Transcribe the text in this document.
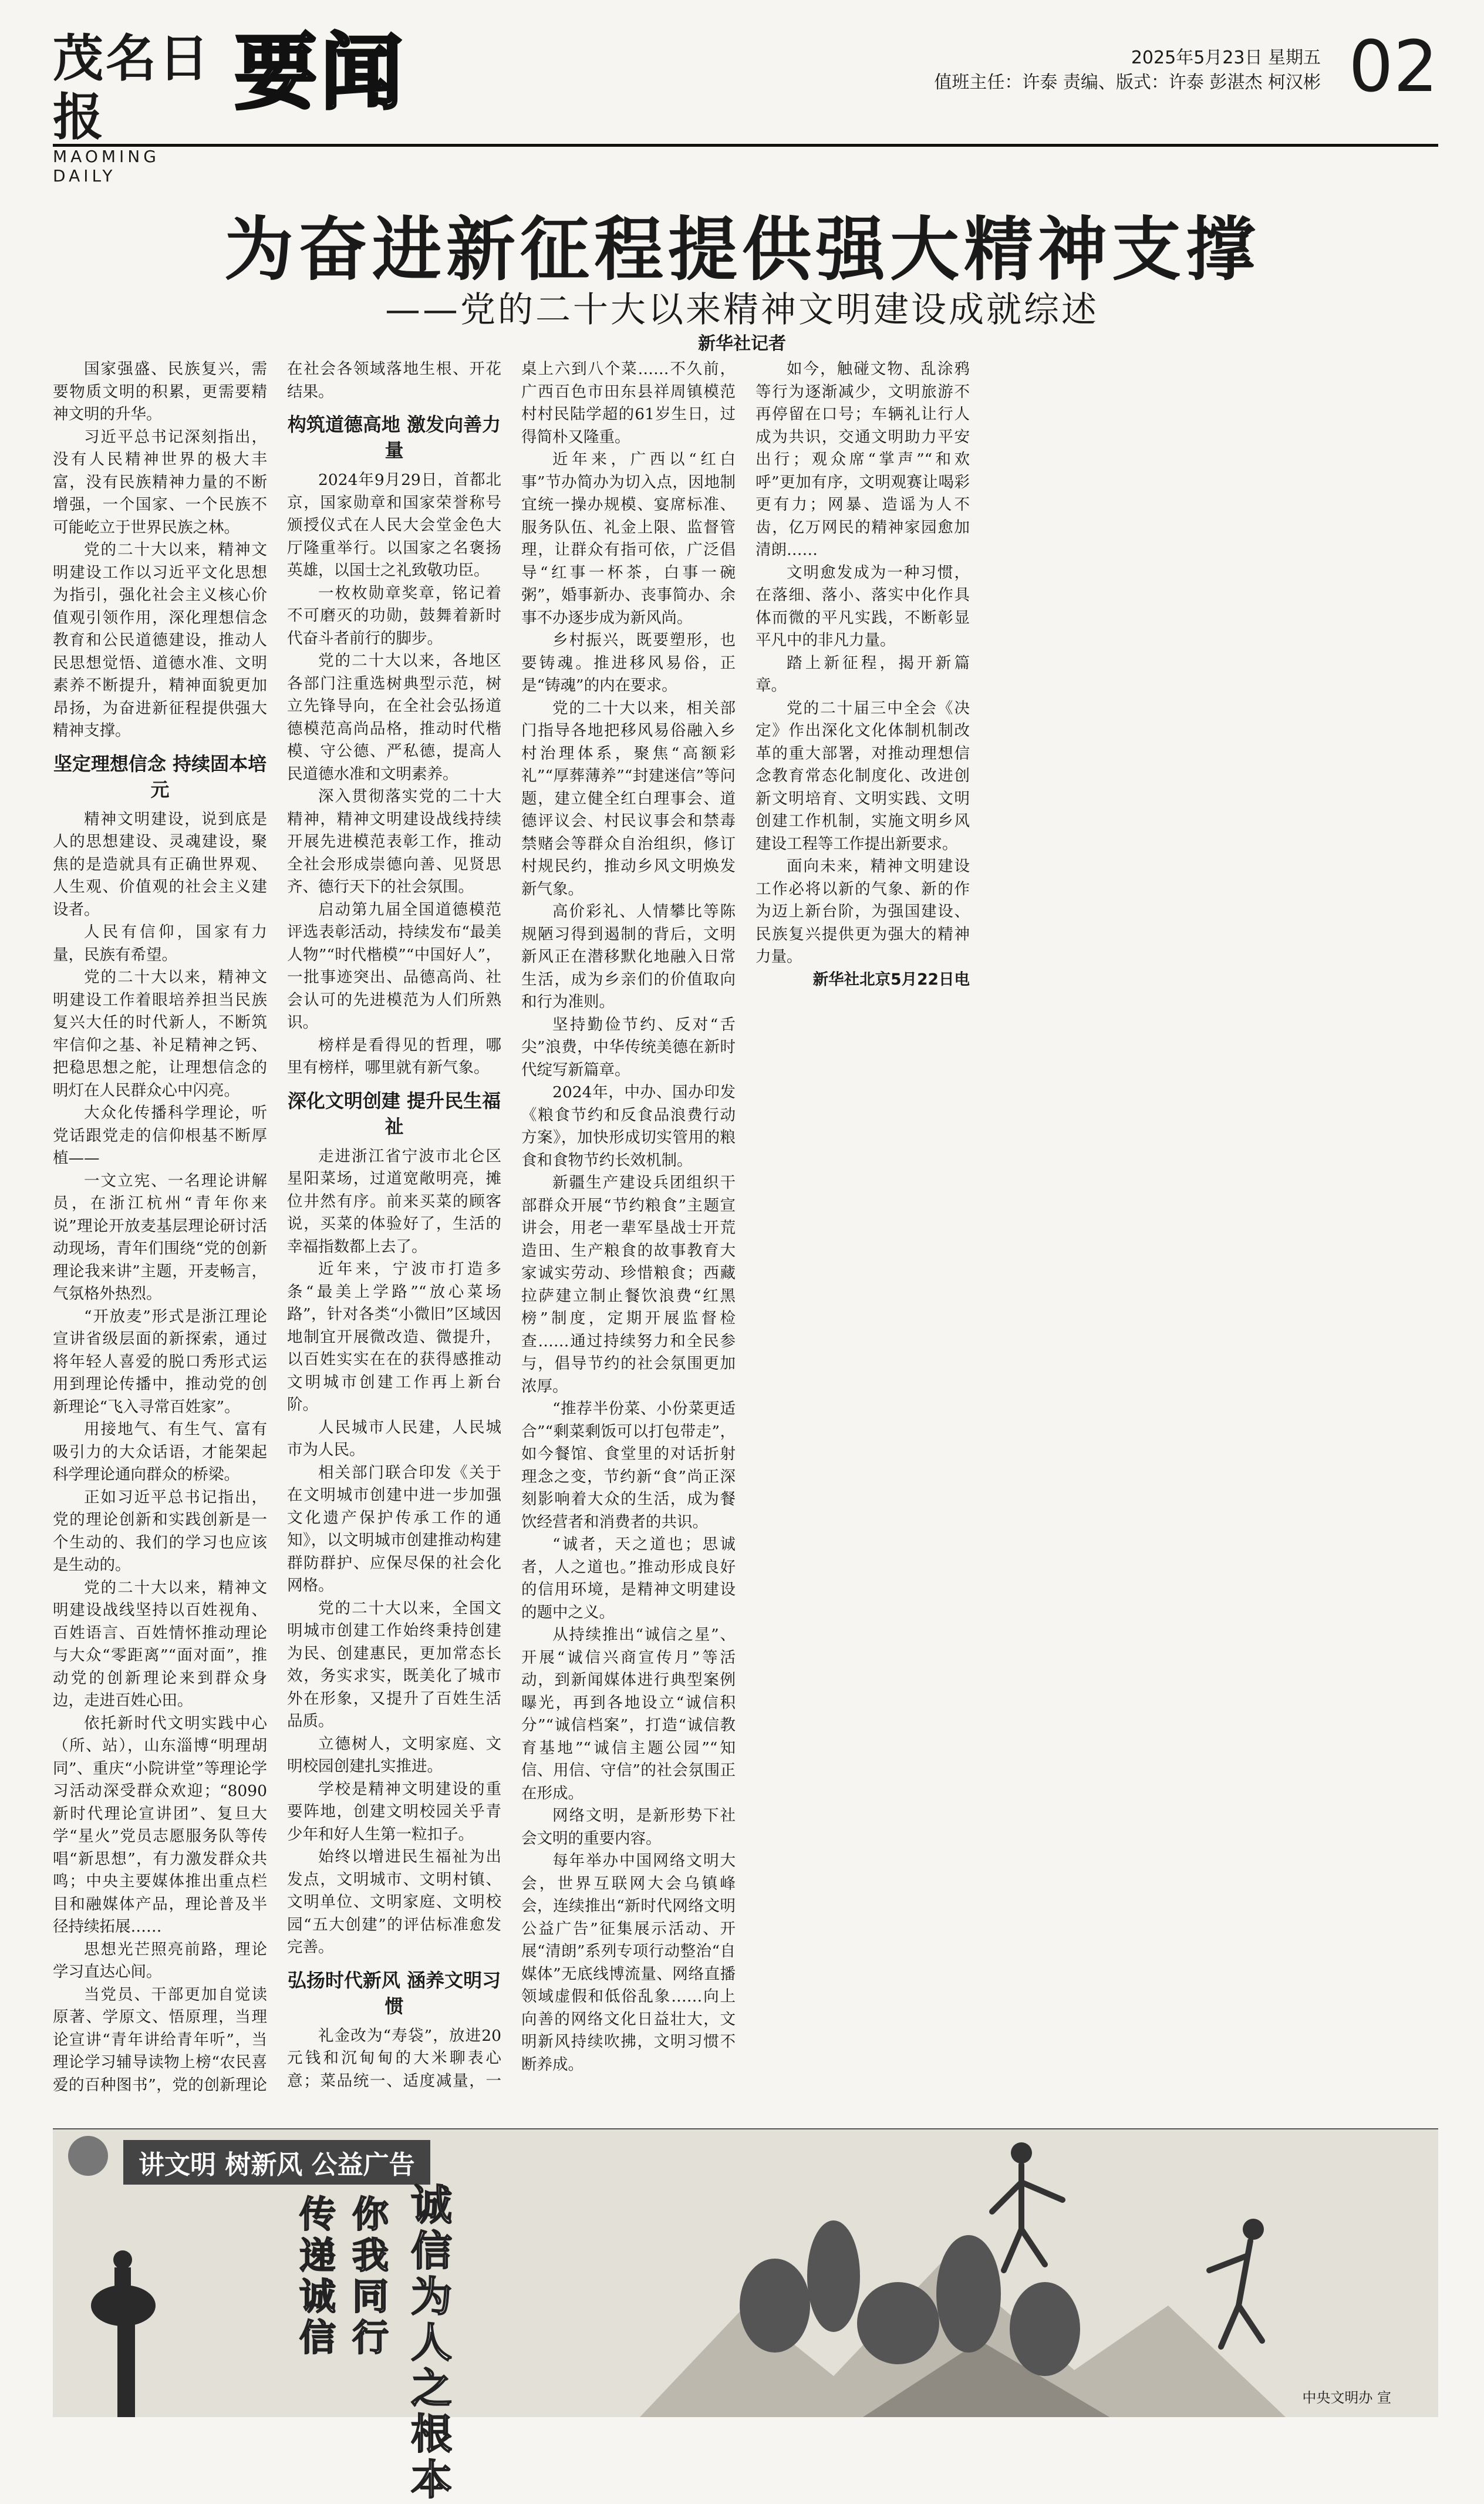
茂名日报
MAOMING DAILY
要闻	2025年5月23日 星期五
值班主任：许泰 责编、版式：许泰 彭湛杰 柯汉彬 02
为奋进新征程提供强大精神支撑
——党的二十大以来精神文明建设成就综述
新华社记者

国家强盛、民族复兴，需要物质文明的积累，更需要精神文明的升华。

习近平总书记深刻指出，没有人民精神世界的极大丰富，没有民族精神力量的不断增强，一个国家、一个民族不可能屹立于世界民族之林。

党的二十大以来，精神文明建设工作以习近平文化思想为指引，强化社会主义核心价值观引领作用，深化理想信念教育和公民道德建设，推动人民思想觉悟、道德水准、文明素养不断提升，精神面貌更加昂扬，为奋进新征程提供强大精神支撑。

坚定理想信念 持续固本培元

精神文明建设，说到底是人的思想建设、灵魂建设，聚焦的是造就具有正确世界观、人生观、价值观的社会主义建设者。

人民有信仰，国家有力量，民族有希望。

党的二十大以来，精神文明建设工作着眼培养担当民族复兴大任的时代新人，不断筑牢信仰之基、补足精神之钙、把稳思想之舵，让理想信念的明灯在人民群众心中闪亮。

大众化传播科学理论，听党话跟党走的信仰根基不断厚植——

一文立宪、一名理论讲解员，在浙江杭州“青年你来说”理论开放麦基层理论研讨活动现场，青年们围绕“党的创新理论我来讲”主题，开麦畅言，气氛格外热烈。

“开放麦”形式是浙江理论宣讲省级层面的新探索，通过将年轻人喜爱的脱口秀形式运用到理论传播中，推动党的创新理论“飞入寻常百姓家”。

用接地气、有生气、富有吸引力的大众话语，才能架起科学理论通向群众的桥梁。

正如习近平总书记指出，党的理论创新和实践创新是一个生动的、我们的学习也应该是生动的。

党的二十大以来，精神文明建设战线坚持以百姓视角、百姓语言、百姓情怀推动理论与大众“零距离”“面对面”，推动党的创新理论来到群众身边，走进百姓心田。

依托新时代文明实践中心（所、站），山东淄博“明理胡同”、重庆“小院讲堂”等理论学习活动深受群众欢迎；“8090新时代理论宣讲团”、复旦大学“星火”党员志愿服务队等传唱“新思想”，有力激发群众共鸣；中央主要媒体推出重点栏目和融媒体产品，理论普及半径持续拓展……

思想光芒照亮前路，理论学习直达心间。

当党员、干部更加自觉读原著、学原文、悟原理，当理论宣讲“青年讲给青年听”，当理论学习辅导读物上榜“农民喜爱的百种图书”，党的创新理论在社会各领域落地生根、开花结果。

构筑道德高地 激发向善力量

2024年9月29日，首都北京，国家勋章和国家荣誉称号颁授仪式在人民大会堂金色大厅隆重举行。以国家之名褒扬英雄，以国士之礼致敬功臣。

一枚枚勋章奖章，铭记着不可磨灭的功勋，鼓舞着新时代奋斗者前行的脚步。

党的二十大以来，各地区各部门注重选树典型示范，树立先锋导向，在全社会弘扬道德模范高尚品格，推动时代楷模、守公德、严私德，提高人民道德水准和文明素养。

深入贯彻落实党的二十大精神，精神文明建设战线持续开展先进模范表彰工作，推动全社会形成崇德向善、见贤思齐、德行天下的社会氛围。

启动第九届全国道德模范评选表彰活动，持续发布“最美人物”“时代楷模”“中国好人”，一批事迹突出、品德高尚、社会认可的先进模范为人们所熟识。

榜样是看得见的哲理，哪里有榜样，哪里就有新气象。

深化文明创建 提升民生福祉

走进浙江省宁波市北仑区星阳菜场，过道宽敞明亮，摊位井然有序。前来买菜的顾客说，买菜的体验好了，生活的幸福指数都上去了。

近年来，宁波市打造多条“最美上学路”“放心菜场路”，针对各类“小微旧”区域因地制宜开展微改造、微提升，以百姓实实在在的获得感推动文明城市创建工作再上新台阶。

人民城市人民建，人民城市为人民。

相关部门联合印发《关于在文明城市创建中进一步加强文化遗产保护传承工作的通知》，以文明城市创建推动构建群防群护、应保尽保的社会化网格。

党的二十大以来，全国文明城市创建工作始终秉持创建为民、创建惠民，更加常态长效，务实求实，既美化了城市外在形象，又提升了百姓生活品质。

立德树人，文明家庭、文明校园创建扎实推进。

学校是精神文明建设的重要阵地，创建文明校园关乎青少年和好人生第一粒扣子。

始终以增进民生福祉为出发点，文明城市、文明村镇、文明单位、文明家庭、文明校园“五大创建”的评估标准愈发完善。

弘扬时代新风 涵养文明习惯

礼金改为“寿袋”，放进20元钱和沉甸甸的大米聊表心意；菜品统一、适度减量，一桌上六到八个菜……不久前，广西百色市田东县祥周镇模范村村民陆学超的61岁生日，过得简朴又隆重。

近年来，广西以“红白事”节办简办为切入点，因地制宜统一操办规模、宴席标准、服务队伍、礼金上限、监督管理，让群众有指可依，广泛倡导“红事一杯茶，白事一碗粥”，婚事新办、丧事简办、余事不办逐步成为新风尚。

乡村振兴，既要塑形，也要铸魂。推进移风易俗，正是“铸魂”的内在要求。

党的二十大以来，相关部门指导各地把移风易俗融入乡村治理体系，聚焦“高额彩礼”“厚葬薄养”“封建迷信”等问题，建立健全红白理事会、道德评议会、村民议事会和禁毒禁赌会等群众自治组织，修订村规民约，推动乡风文明焕发新气象。

高价彩礼、人情攀比等陈规陋习得到遏制的背后，文明新风正在潜移默化地融入日常生活，成为乡亲们的价值取向和行为准则。

坚持勤俭节约、反对“舌尖”浪费，中华传统美德在新时代绽写新篇章。

2024年，中办、国办印发《粮食节约和反食品浪费行动方案》，加快形成切实管用的粮食和食物节约长效机制。

新疆生产建设兵团组织干部群众开展“节约粮食”主题宣讲会，用老一辈军垦战士开荒造田、生产粮食的故事教育大家诚实劳动、珍惜粮食；西藏拉萨建立制止餐饮浪费“红黑榜”制度，定期开展监督检查……通过持续努力和全民参与，倡导节约的社会氛围更加浓厚。

“推荐半份菜、小份菜更适合”“剩菜剩饭可以打包带走”，如今餐馆、食堂里的对话折射理念之变，节约新“食”尚正深刻影响着大众的生活，成为餐饮经营者和消费者的共识。

“诚者，天之道也；思诚者，人之道也。”推动形成良好的信用环境，是精神文明建设的题中之义。

从持续推出“诚信之星”、开展“诚信兴商宣传月”等活动，到新闻媒体进行典型案例曝光，再到各地设立“诚信积分”“诚信档案”，打造“诚信教育基地”“诚信主题公园”“知信、用信、守信”的社会氛围正在形成。

网络文明，是新形势下社会文明的重要内容。

每年举办中国网络文明大会，世界互联网大会乌镇峰会，连续推出“新时代网络文明公益广告”征集展示活动、开展“清朗”系列专项行动整治“自媒体”无底线博流量、网络直播领域虚假和低俗乱象……向上向善的网络文化日益壮大，文明新风持续吹拂，文明习惯不断养成。

如今，触碰文物、乱涂鸦等行为逐渐减少，文明旅游不再停留在口号；车辆礼让行人成为共识，交通文明助力平安出行；观众席“掌声”“和欢呼”更加有序，文明观赛让喝彩更有力；网暴、造谣为人不齿，亿万网民的精神家园愈加清朗……

文明愈发成为一种习惯，在落细、落小、落实中化作具体而微的平凡实践，不断彰显平凡中的非凡力量。

踏上新征程，揭开新篇章。

党的二十届三中全会《决定》作出深化文化体制机制改革的重大部署，对推动理想信念教育常态化制度化、改进创新文明培育、文明实践、文明创建工作机制，实施文明乡风建设工程等工作提出新要求。

面向未来，精神文明建设工作必将以新的气象、新的作为迈上新台阶，为强国建设、民族复兴提供更为强大的精神力量。

新华社北京5月22日电

讲文明 树新风 公益广告
传递诚信
你我同行
诚信为人之根本
中央文明办 宣
